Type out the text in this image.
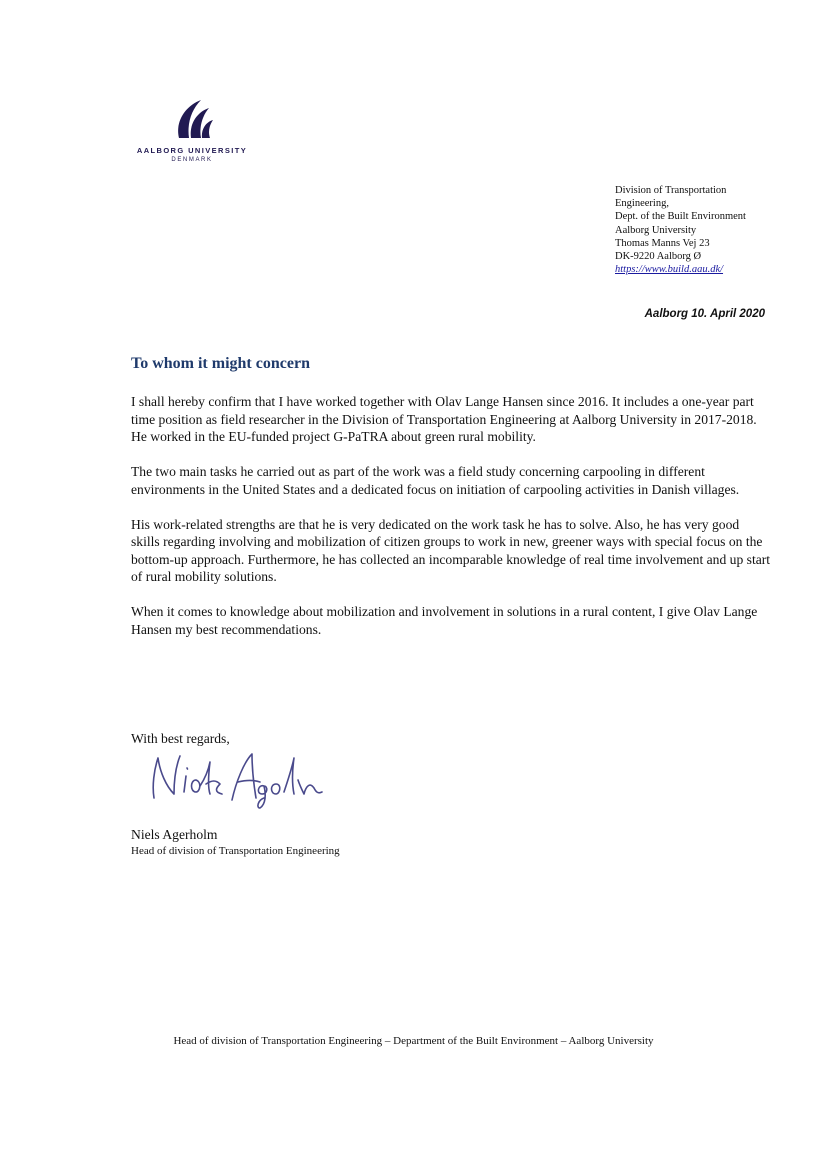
AALBORG UNIVERSITY
DENMARK
Division of Transportation
Engineering,
Dept. of the Built Environment
Aalborg University
Thomas Manns Vej 23
DK-9220 Aalborg Ø
https://www.build.aau.dk/
Aalborg 10. April 2020
To whom it might concern

I shall hereby confirm that I have worked together with Olav Lange Hansen since 2016. It includes a one-year part time position as field researcher in the Division of Transportation Engineering at Aalborg University in 2017-2018. He worked in the EU-funded project G-PaTRA about green rural mobility.

The two main tasks he carried out as part of the work was a field study concerning carpooling in different environments in the United States and a dedicated focus on initiation of carpooling activities in Danish villages.

His work-related strengths are that he is very dedicated on the work task he has to solve. Also, he has very good skills regarding involving and mobilization of citizen groups to work in new, greener ways with special focus on the bottom-up approach. Furthermore, he has collected an incomparable knowledge of real time involvement and up start of rural mobility solutions.

When it comes to knowledge about mobilization and involvement in solutions in a rural content, I give Olav Lange Hansen my best recommendations.

With best regards,
Niels Agerholm
Head of division of Transportation Engineering
Head of division of Transportation Engineering – Department of the Built Environment – Aalborg University
